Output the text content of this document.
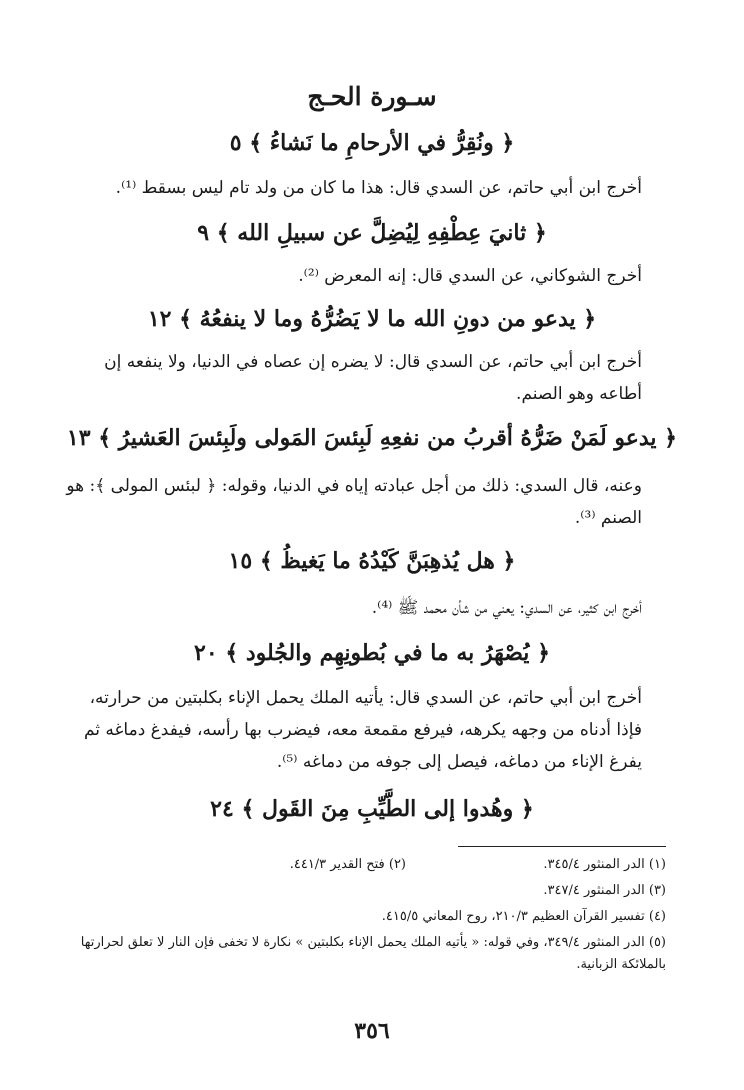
سـورة الحـج
﴿ ونُقِرُّ في الأرحامِ ما نَشاءُ ﴾ ٥

أخرج ابن أبي حاتم، عن السدي قال: هذا ما كان من ولد تام ليس بسقط ⁽¹⁾.

﴿ ثانيَ عِطْفِهِ لِيُضِلَّ عن سبيلِ الله ﴾ ٩

أخرج الشوكاني، عن السدي قال: إنه المعرض ⁽²⁾.

﴿ يدعو من دونِ الله ما لا يَضُرُّهُ وما لا ينفعُهُ ﴾ ١٢

أخرج ابن أبي حاتم، عن السدي قال: لا يضره إن عصاه في الدنيا، ولا ينفعه إن أطاعه وهو الصنم.

﴿ يدعو لَمَنْ ضَرُّهُ أقربُ من نفعِهِ لَبِئسَ المَولى ولَبِئسَ العَشيرُ ﴾ ١٣

وعنه، قال السدي: ذلك من أجل عبادته إياه في الدنيا، وقوله: ﴿ لبئس المولى ﴾: هو الصنم ⁽³⁾.

﴿ هل يُذهِبَنَّ كَيْدُهُ ما يَغيظُ ﴾ ١٥

أخرج ابن كثير، عن السدي: يعني من شأن محمد ﷺ ⁽⁴⁾.

﴿ يُصْهَرُ به ما في بُطونِهِم والجُلود ﴾ ٢٠

أخرج ابن أبي حاتم، عن السدي قال: يأتيه الملك يحمل الإناء بكلبتين من حرارته، فإذا أدناه من وجهه يكرهه، فيرفع مقمعة معه، فيضرب بها رأسه، فيفدغ دماغه ثم يفرغ الإناء من دماغه، فيصل إلى جوفه من دماغه ⁽⁵⁾.

﴿ وهُدوا إلى الطَّيِّبِ مِنَ القَول ﴾ ٢٤
(١) الدر المنثور ٣٤٥/٤.
(٢) فتح القدير ٤٤١/٣.
(٣) الدر المنثور ٣٤٧/٤.
(٤) تفسير القرآن العظيم ٢١٠/٣، روح المعاني ٤١٥/٥.
(٥) الدر المنثور ٣٤٩/٤، وفي قوله: « يأتيه الملك يحمل الإناء بكلبتين » نكارة لا تخفى فإن النار لا تعلق لحرارتها بالملائكة الزبانية.
٣٥٦
